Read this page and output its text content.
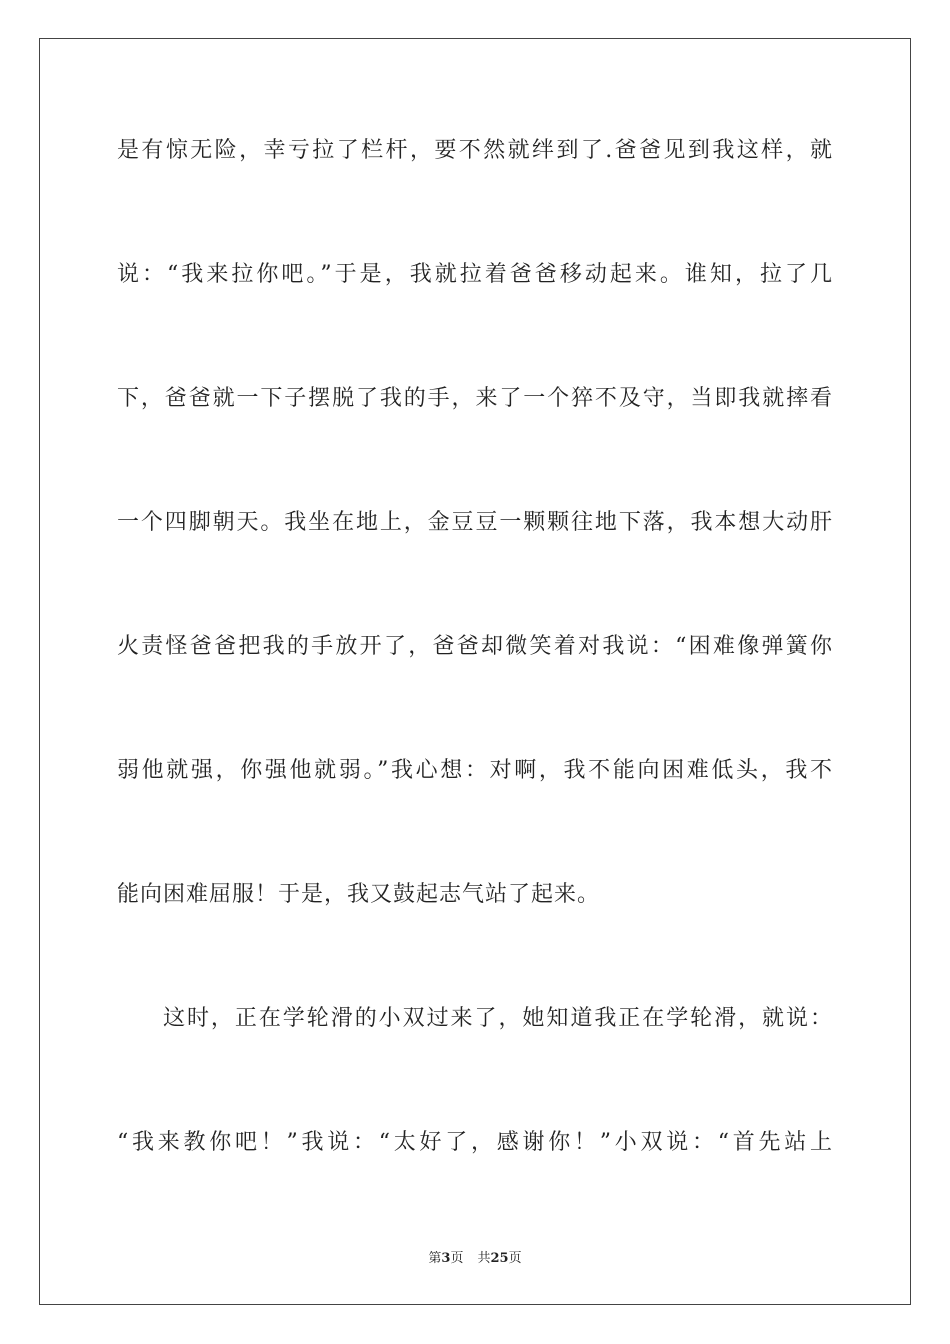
是有惊无险，幸亏拉了栏杆，要不然就绊到了.爸爸见到我这样，就
说：“我来拉你吧。”于是，我就拉着爸爸移动起来。谁知，拉了几
下，爸爸就一下子摆脱了我的手，来了一个猝不及守，当即我就摔看
一个四脚朝天。我坐在地上，金豆豆一颗颗往地下落，我本想大动肝
火责怪爸爸把我的手放开了，爸爸却微笑着对我说：“困难像弹簧你
弱他就强，你强他就弱。”我心想：对啊，我不能向困难低头，我不
能向困难屈服！于是，我又鼓起志气站了起来。
这时，正在学轮滑的小双过来了，她知道我正在学轮滑，就说：
“我来教你吧！”我说：“太好了，感谢你！”小双说：“首先站上
第3页 共25页
